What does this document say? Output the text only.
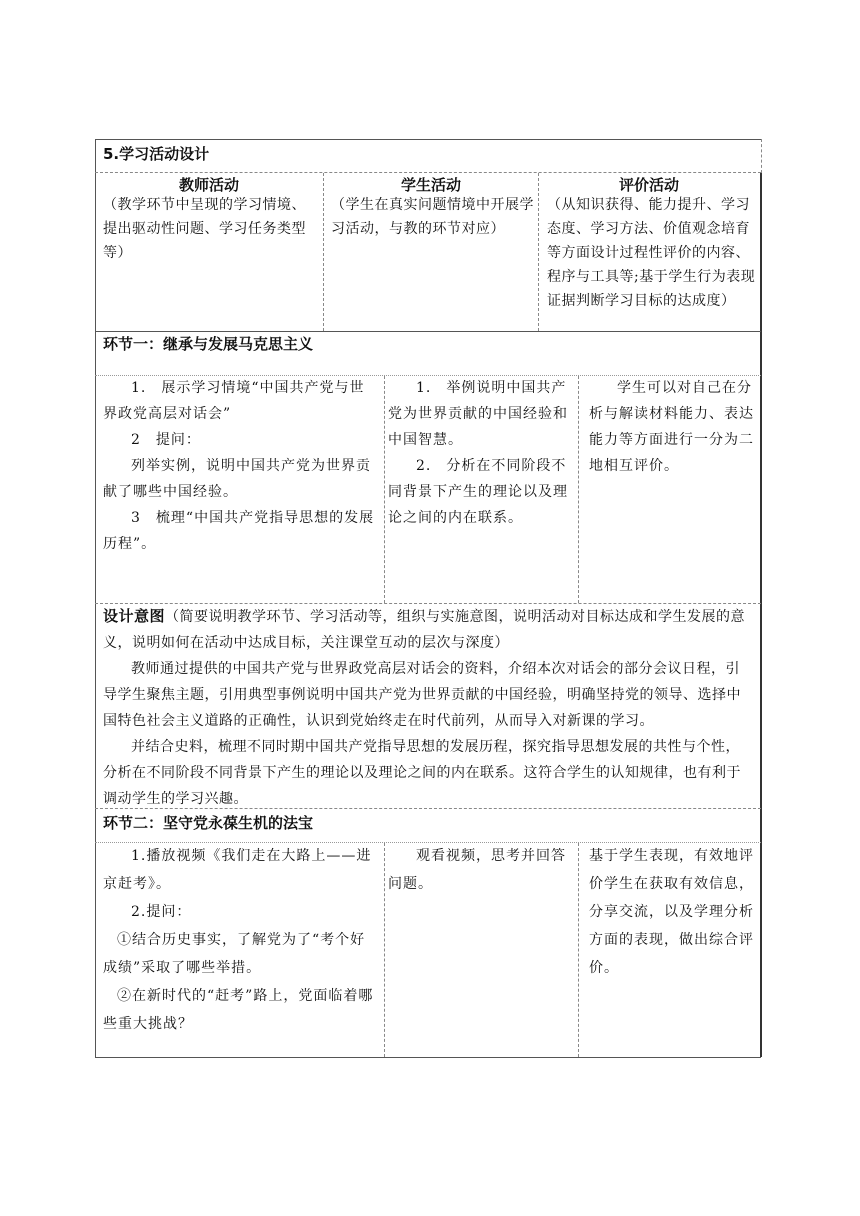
5.学习活动设计
教师活动
（教学环节中呈现的学习情境、提出驱动性问题、学习任务类型等）
学生活动
（学生在真实问题情境中开展学习活动，与教的环节对应）
评价活动
（从知识获得、能力提升、学习态度、学习方法、价值观念培育等方面设计过程性评价的内容、程序与工具等;基于学生行为表现证据判断学习目标的达成度）
环节一：继承与发展马克思主义

1.　展示学习情境“中国共产党与世界政党高层对话会”

2　提问：

列举实例，说明中国共产党为世界贡献了哪些中国经验。

3　梳理“中国共产党指导思想的发展历程”。

1.　举例说明中国共产党为世界贡献的中国经验和中国智慧。

2.　分析在不同阶段不同背景下产生的理论以及理论之间的内在联系。

学生可以对自己在分析与解读材料能力、表达能力等方面进行一分为二地相互评价。

设计意图（简要说明教学环节、学习活动等，组织与实施意图，说明活动对目标达成和学生发展的意义，说明如何在活动中达成目标，关注课堂互动的层次与深度）

教师通过提供的中国共产党与世界政党高层对话会的资料，介绍本次对话会的部分会议日程，引导学生聚焦主题，引用典型事例说明中国共产党为世界贡献的中国经验，明确坚持党的领导、选择中国特色社会主义道路的正确性，认识到党始终走在时代前列，从而导入对新课的学习。

并结合史料，梳理不同时期中国共产党指导思想的发展历程，探究指导思想发展的共性与个性，分析在不同阶段不同背景下产生的理论以及理论之间的内在联系。这符合学生的认知规律，也有利于调动学生的学习兴趣。

环节二：坚守党永葆生机的法宝

1.播放视频《我们走在大路上——进京赶考》。

2.提问：

①结合历史事实，了解党为了“考个好成绩”采取了哪些举措。

②在新时代的“赶考”路上，党面临着哪些重大挑战？

观看视频，思考并回答问题。

基于学生表现，有效地评价学生在获取有效信息，分享交流，以及学理分析方面的表现，做出综合评价。
